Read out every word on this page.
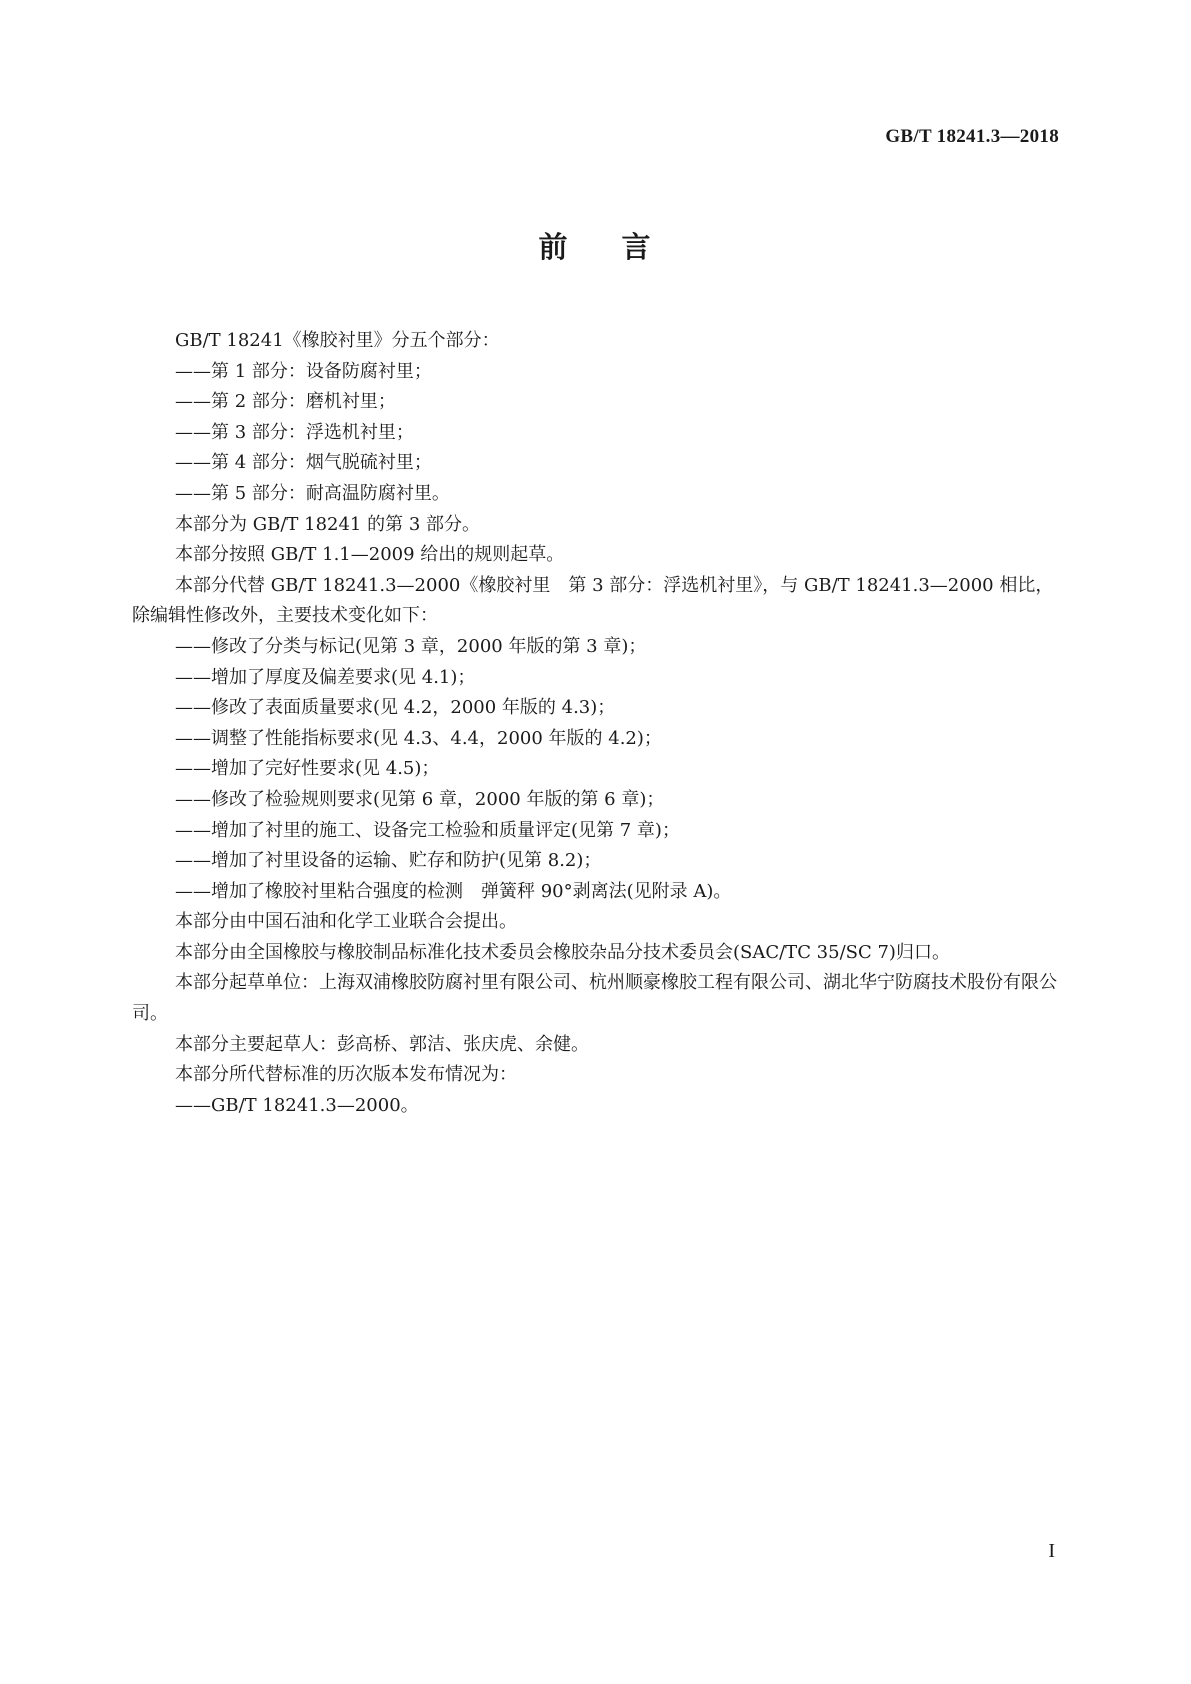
GB/T 18241.3—2018
前 言

GB/T 18241《橡胶衬里》分五个部分：

——第 1 部分：设备防腐衬里；

——第 2 部分：磨机衬里；

——第 3 部分：浮选机衬里；

——第 4 部分：烟气脱硫衬里；

——第 5 部分：耐高温防腐衬里。

本部分为 GB/T 18241 的第 3 部分。

本部分按照 GB/T 1.1—2009 给出的规则起草。

本部分代替 GB/T 18241.3—2000《橡胶衬里　第 3 部分：浮选机衬里》，与 GB/T 18241.3—2000 相比，除编辑性修改外，主要技术变化如下：

——修改了分类与标记(见第 3 章，2000 年版的第 3 章)；

——增加了厚度及偏差要求(见 4.1)；

——修改了表面质量要求(见 4.2，2000 年版的 4.3)；

——调整了性能指标要求(见 4.3、4.4，2000 年版的 4.2)；

——增加了完好性要求(见 4.5)；

——修改了检验规则要求(见第 6 章，2000 年版的第 6 章)；

——增加了衬里的施工、设备完工检验和质量评定(见第 7 章)；

——增加了衬里设备的运输、贮存和防护(见第 8.2)；

——增加了橡胶衬里粘合强度的检测　弹簧秤 90°剥离法(见附录 A)。

本部分由中国石油和化学工业联合会提出。

本部分由全国橡胶与橡胶制品标准化技术委员会橡胶杂品分技术委员会(SAC/TC 35/SC 7)归口。

本部分起草单位：上海双浦橡胶防腐衬里有限公司、杭州顺豪橡胶工程有限公司、湖北华宁防腐技术股份有限公司。

本部分主要起草人：彭高桥、郭洁、张庆虎、余健。

本部分所代替标准的历次版本发布情况为：

——GB/T 18241.3—2000。

I
